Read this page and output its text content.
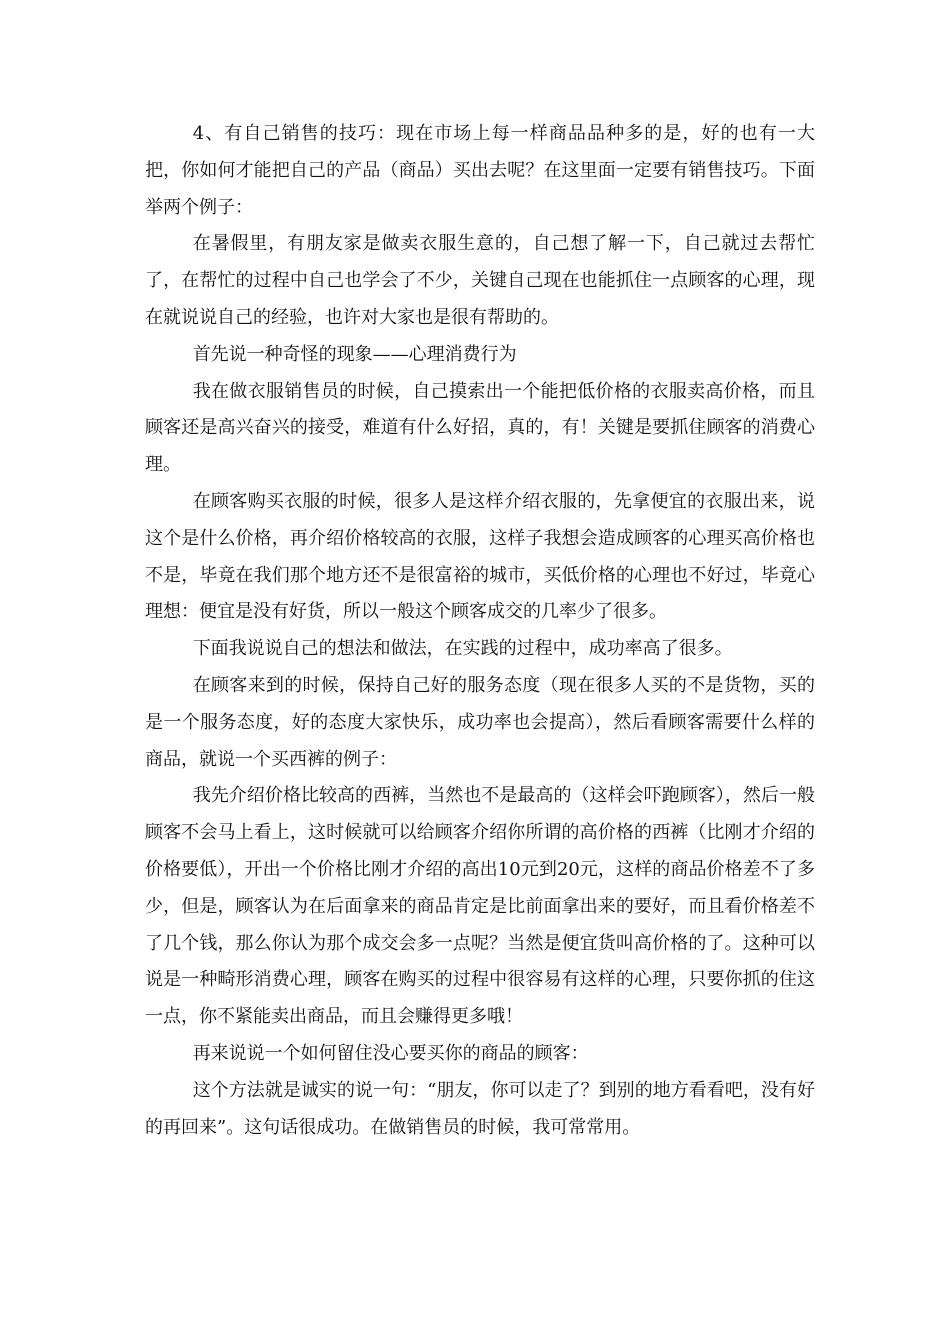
4、有自己销售的技巧：现在市场上每一样商品品种多的是，好的也有一大把，你如何才能把自己的产品（商品）买出去呢？在这里面一定要有销售技巧。下面举两个例子：

在暑假里，有朋友家是做卖衣服生意的，自己想了解一下，自己就过去帮忙了，在帮忙的过程中自己也学会了不少，关键自己现在也能抓住一点顾客的心理，现在就说说自己的经验，也许对大家也是很有帮助的。

首先说一种奇怪的现象——心理消费行为

我在做衣服销售员的时候，自己摸索出一个能把低价格的衣服卖高价格，而且顾客还是高兴奋兴的接受，难道有什么好招，真的，有！关键是要抓住顾客的消费心理。

在顾客购买衣服的时候，很多人是这样介绍衣服的，先拿便宜的衣服出来，说这个是什么价格，再介绍价格较高的衣服，这样子我想会造成顾客的心理买高价格也不是，毕竟在我们那个地方还不是很富裕的城市，买低价格的心理也不好过，毕竟心理想：便宜是没有好货，所以一般这个顾客成交的几率少了很多。

下面我说说自己的想法和做法，在实践的过程中，成功率高了很多。

在顾客来到的时候，保持自己好的服务态度（现在很多人买的不是货物，买的是一个服务态度，好的态度大家快乐，成功率也会提高），然后看顾客需要什么样的商品，就说一个买西裤的例子：

我先介绍价格比较高的西裤，当然也不是最高的（这样会吓跑顾客），然后一般顾客不会马上看上，这时候就可以给顾客介绍你所谓的高价格的西裤（比刚才介绍的价格要低），开出一个价格比刚才介绍的高出10元到20元，这样的商品价格差不了多少，但是，顾客认为在后面拿来的商品肯定是比前面拿出来的要好，而且看价格差不了几个钱，那么你认为那个成交会多一点呢？当然是便宜货叫高价格的了。这种可以说是一种畸形消费心理，顾客在购买的过程中很容易有这样的心理，只要你抓的住这一点，你不紧能卖出商品，而且会赚得更多哦！

再来说说一个如何留住没心要买你的商品的顾客：

这个方法就是诚实的说一句：“朋友，你可以走了？到别的地方看看吧，没有好的再回来”。这句话很成功。在做销售员的时候，我可常常用。
